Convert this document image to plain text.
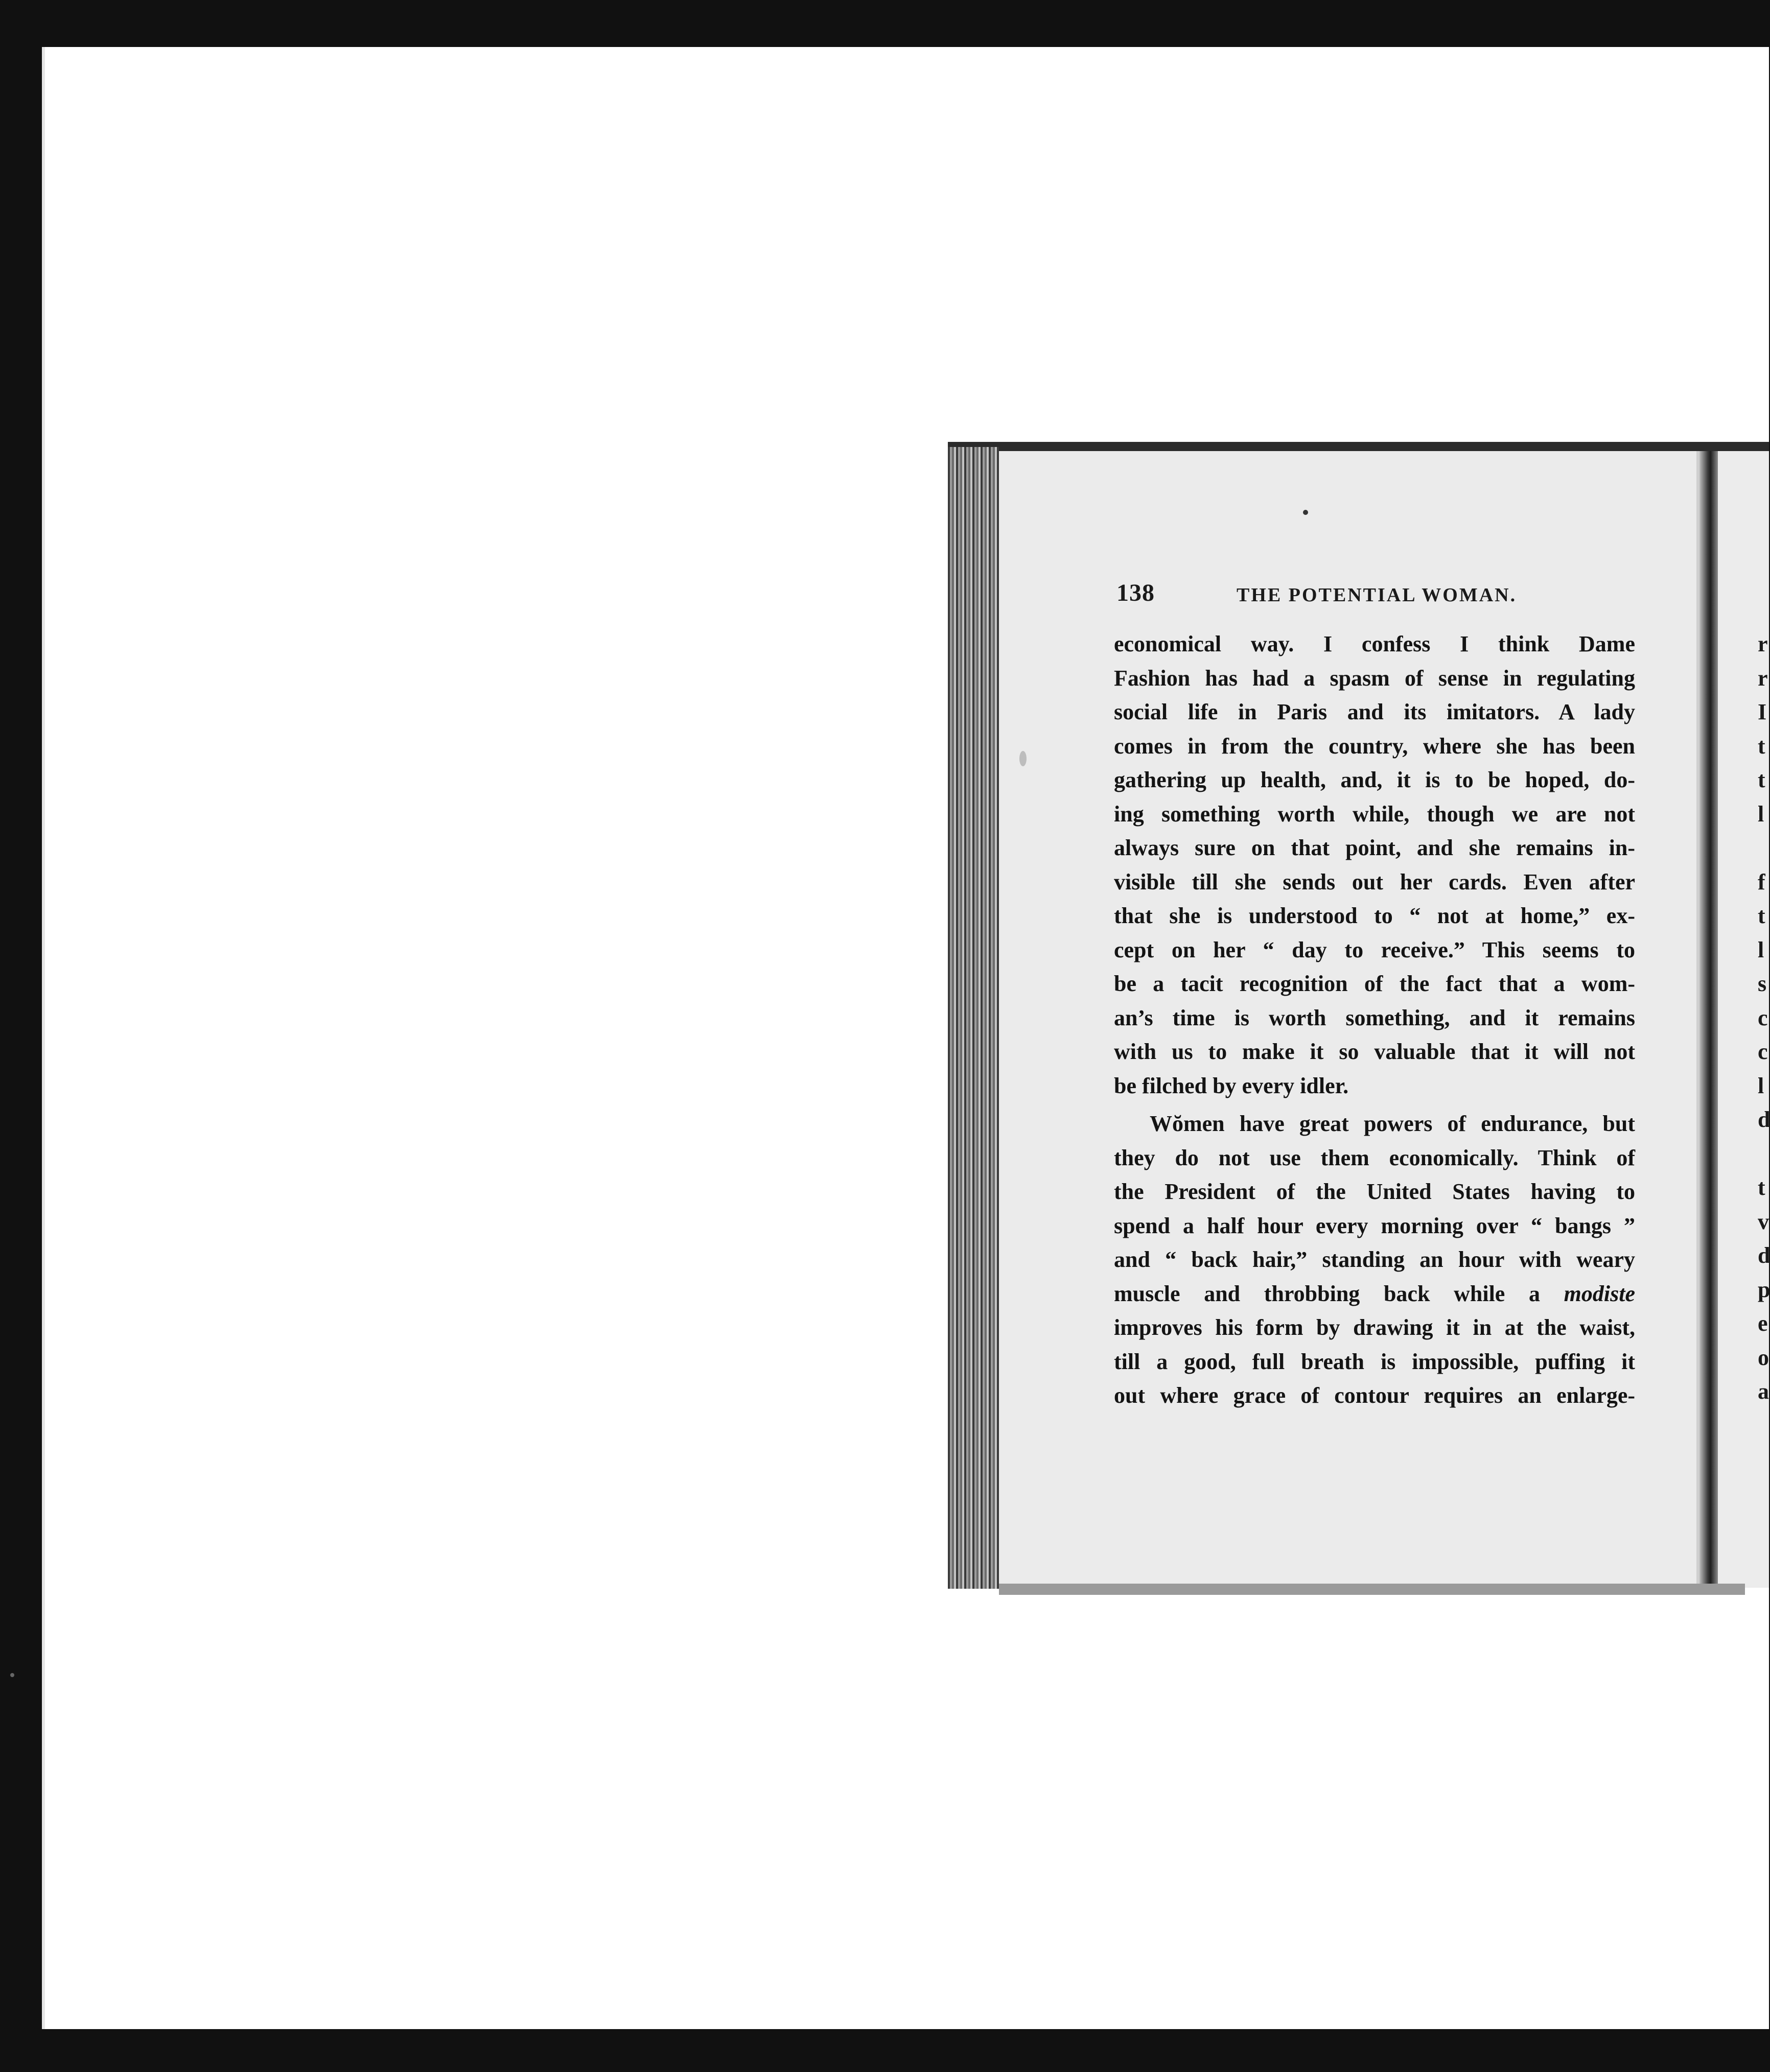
138	THE POTENTIAL WOMAN.
economical way. I confess I think Dame
Fashion has had a spasm of sense in regulating
social life in Paris and its imitators. A lady
comes in from the country, where she has been
gathering up health, and, it is to be hoped, do-
ing something worth while, though we are not
always sure on that point, and she remains in-
visible till she sends out her cards. Even after
that she is understood to “ not at home,” ex-
cept on her “ day to receive.” This seems to
be a tacit recognition of the fact that a wom-
an’s time is worth something, and it remains
with us to make it so valuable that it will not
be filched by every idler.
Wŏmen have great powers of endurance, but
they do not use them economically. Think of
the President of the United States having to
spend a half hour every morning over “ bangs ”
and “ back hair,” standing an hour with weary
muscle and throbbing back while a modiste
improves his form by drawing it in at the waist,
till a good, full breath is impossible, puffing it
out where grace of contour requires an enlarge-
r
r
I
t
t
l
f
t
l
s
c
c
l
d
t
v
d
p
e
o
a
